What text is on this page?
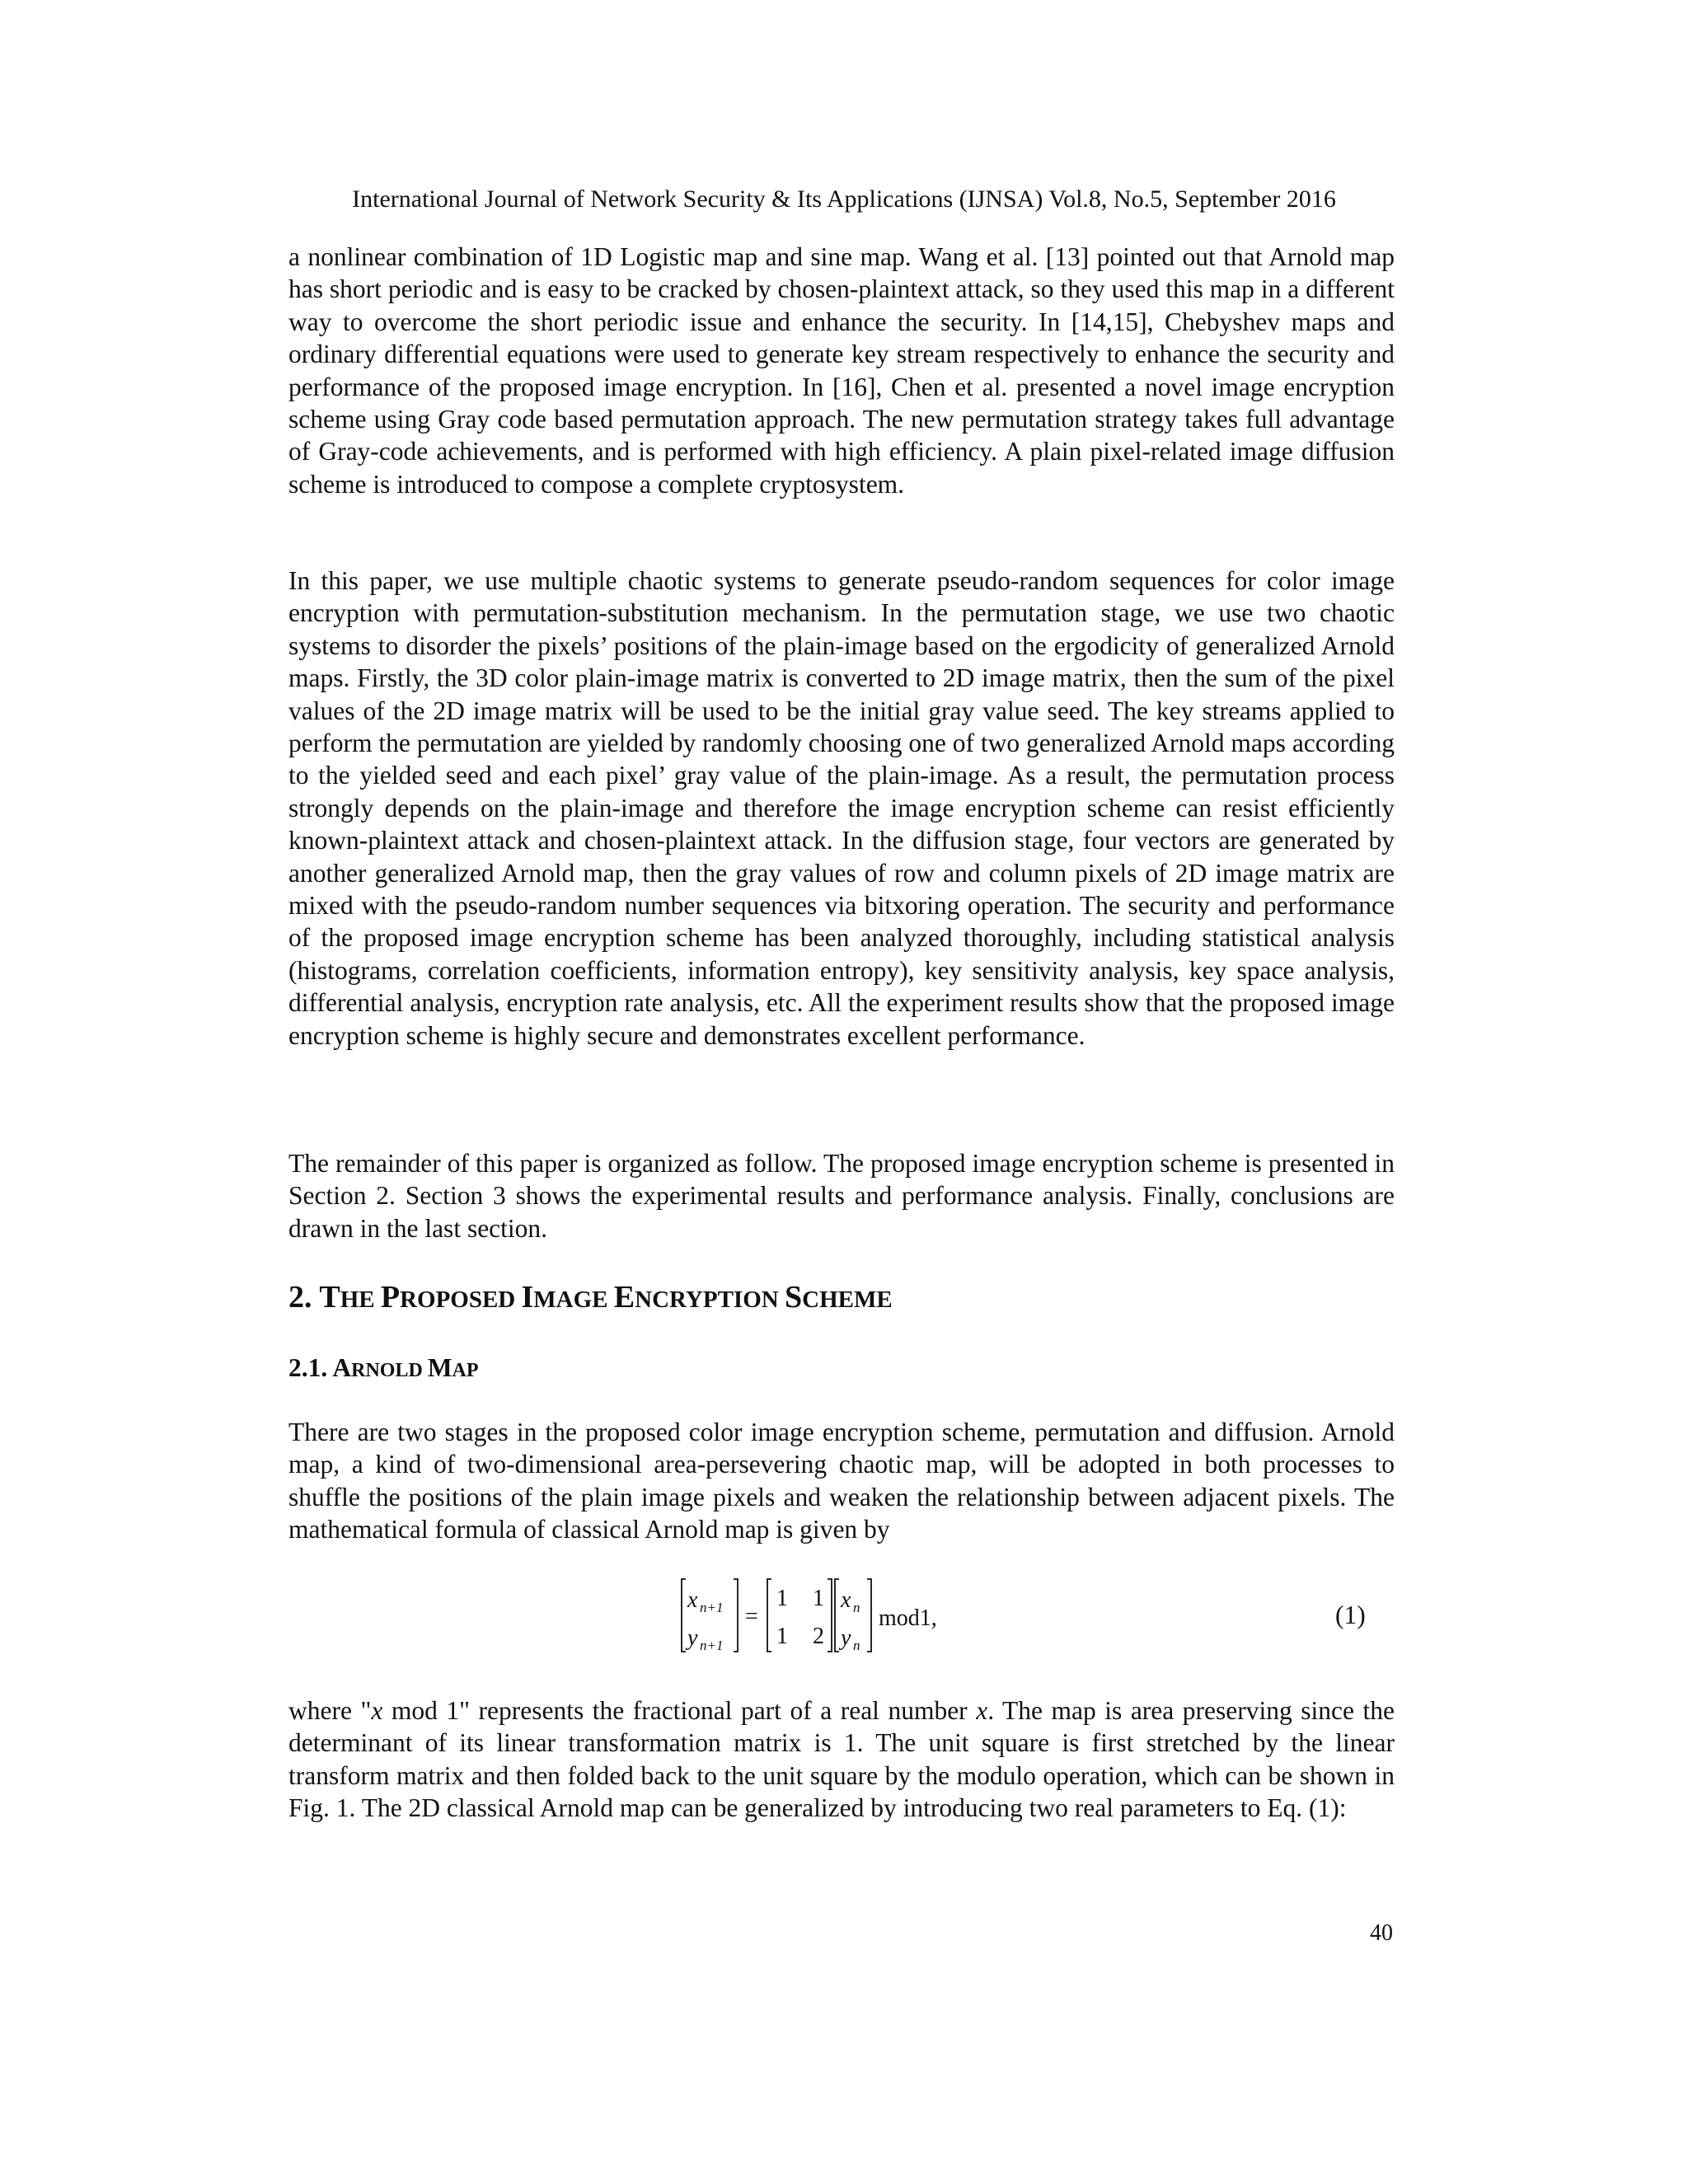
International Journal of Network Security & Its Applications (IJNSA) Vol.8, No.5, September 2016

a nonlinear combination of 1D Logistic map and sine map. Wang et al. [13] pointed out that Arnold map has short periodic and is easy to be cracked by chosen-plaintext attack, so they used this map in a different way to overcome the short periodic issue and enhance the security. In [14,15], Chebyshev maps and ordinary differential equations were used to generate key stream respectively to enhance the security and performance of the proposed image encryption. In [16], Chen et al. presented a novel image encryption scheme using Gray code based permutation approach. The new permutation strategy takes full advantage of Gray-code achievements, and is performed with high efficiency. A plain pixel-related image diffusion scheme is introduced to compose a complete cryptosystem.

In this paper, we use multiple chaotic systems to generate pseudo-random sequences for color image encryption with permutation-substitution mechanism. In the permutation stage, we use two chaotic systems to disorder the pixels’ positions of the plain-image based on the ergodicity of generalized Arnold maps. Firstly, the 3D color plain-image matrix is converted to 2D image matrix, then the sum of the pixel values of the 2D image matrix will be used to be the initial gray value seed. The key streams applied to perform the permutation are yielded by randomly choosing one of two generalized Arnold maps according to the yielded seed and each pixel’ gray value of the plain-image. As a result, the permutation process strongly depends on the plain-image and therefore the image encryption scheme can resist efficiently known-plaintext attack and chosen-plaintext attack. In the diffusion stage, four vectors are generated by another generalized Arnold map, then the gray values of row and column pixels of 2D image matrix are mixed with the pseudo-random number sequences via bitxoring operation. The security and performance of the proposed image encryption scheme has been analyzed thoroughly, including statistical analysis (histograms, correlation coefficients, information entropy), key sensitivity analysis, key space analysis, differential analysis, encryption rate analysis, etc. All the experiment results show that the proposed image encryption scheme is highly secure and demonstrates excellent performance.

The remainder of this paper is organized as follow. The proposed image encryption scheme is presented in Section 2. Section 3 shows the experimental results and performance analysis. Finally, conclusions are drawn in the last section.

2. THE PROPOSED IMAGE ENCRYPTION SCHEME
2.1. ARNOLD MAP

There are two stages in the proposed color image encryption scheme, permutation and diffusion. Arnold map, a kind of two-dimensional area-persevering chaotic map, will be adopted in both processes to shuffle the positions of the plain image pixels and weaken the relationship between adjacent pixels. The mathematical formula of classical Arnold map is given by

x n+1
y n+1
=
1 1
1 2
x n
y n
mod1,	(1)

where "x mod 1" represents the fractional part of a real number x. The map is area preserving since the determinant of its linear transformation matrix is 1. The unit square is first stretched by the linear transform matrix and then folded back to the unit square by the modulo operation, which can be shown in Fig. 1. The 2D classical Arnold map can be generalized by introducing two real parameters to Eq. (1):

40
